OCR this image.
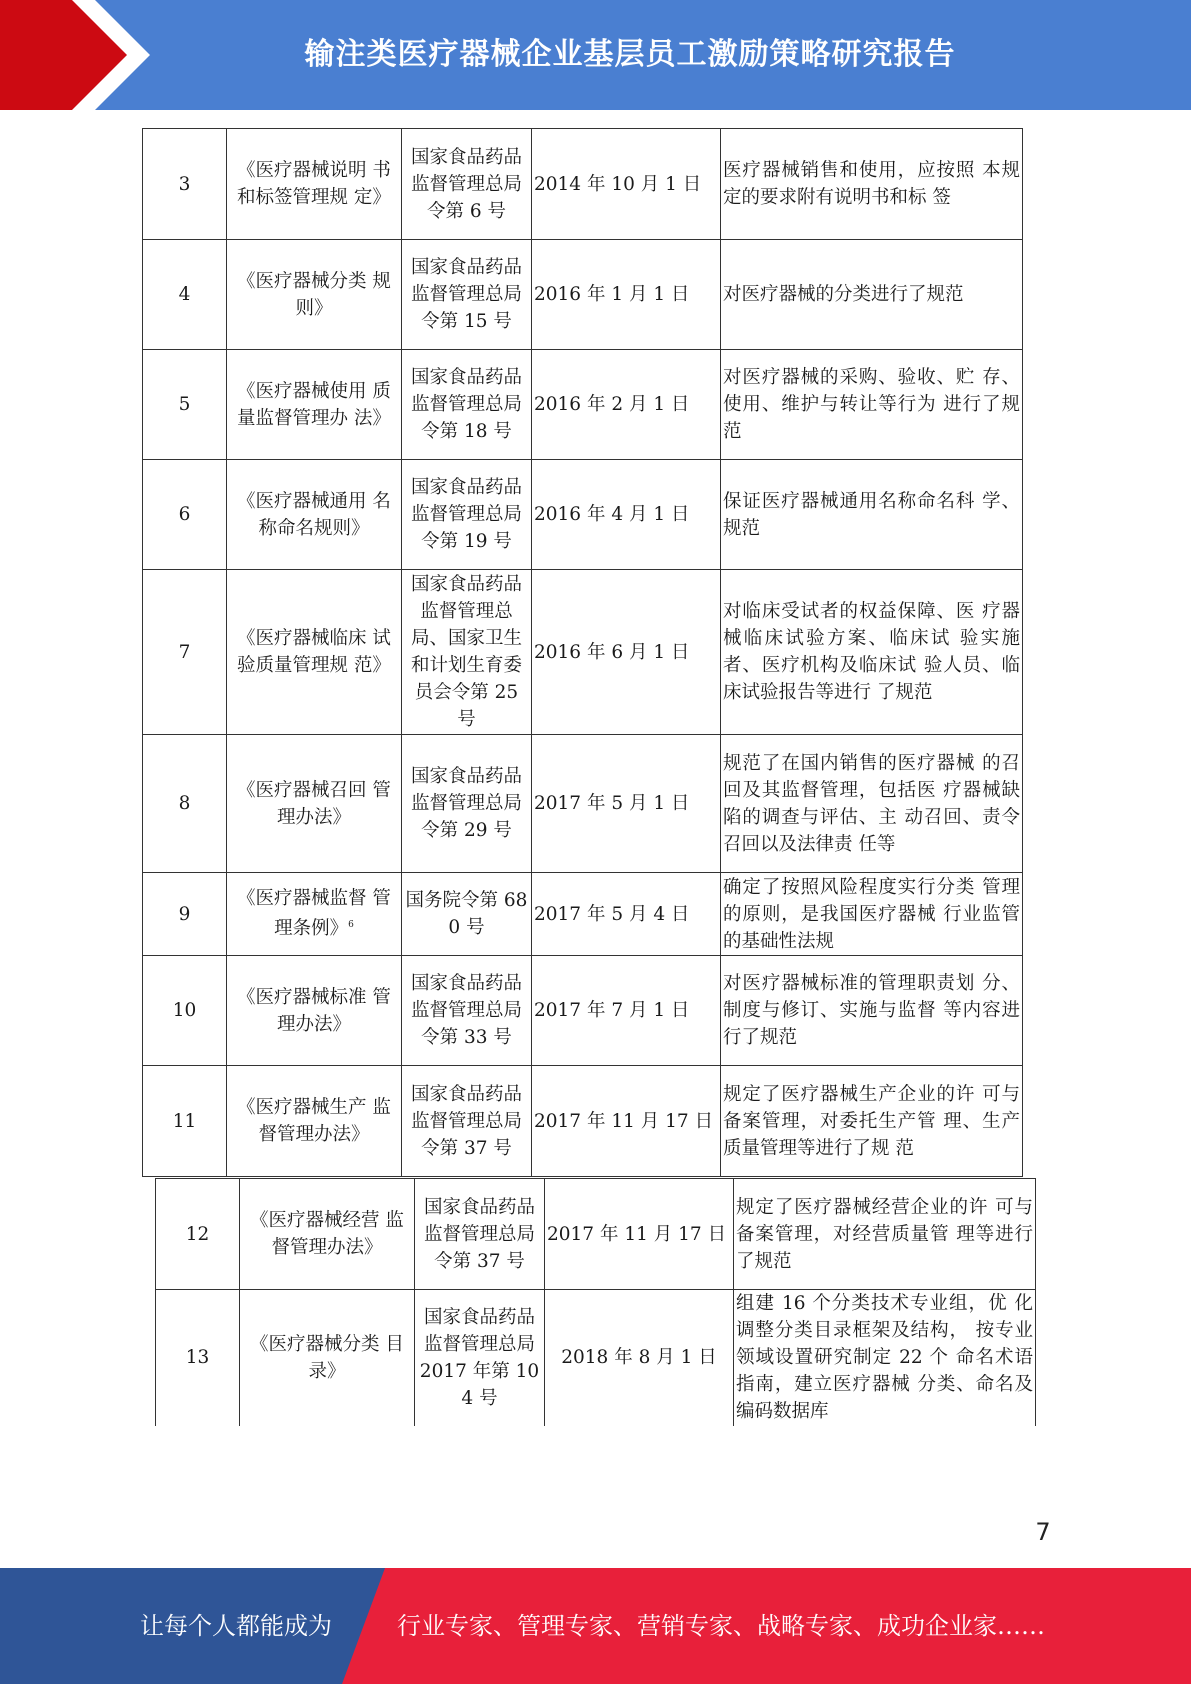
输注类医疗器械企业基层员工激励策略研究报告
3	《医疗器械说明 书和标签管理规 定》	国家食品药品监督管理总局令第 6 号	2014 年 10 月 1 日	医疗器械销售和使用，应按照 本规定的要求附有说明书和标 签
4	《医疗器械分类 规则》	国家食品药品监督管理总局令第 15 号	2016 年 1 月 1 日	对医疗器械的分类进行了规范
5	《医疗器械使用 质量监督管理办 法》	国家食品药品监督管理总局令第 18 号	2016 年 2 月 1 日	对医疗器械的采购、验收、贮 存、使用、维护与转让等行为 进行了规范
6	《医疗器械通用 名称命名规则》	国家食品药品监督管理总局令第 19 号	2016 年 4 月 1 日	保证医疗器械通用名称命名科 学、规范
7	《医疗器械临床 试验质量管理规 范》	国家食品药品监督管理总局、国家卫生和计划生育委员会令第 25 号	2016 年 6 月 1 日	对临床受试者的权益保障、医 疗器械临床试验方案、临床试 验实施者、医疗机构及临床试 验人员、临床试验报告等进行 了规范
8	《医疗器械召回 管理办法》	国家食品药品监督管理总局令第 29 号	2017 年 5 月 1 日	规范了在国内销售的医疗器械 的召回及其监督管理，包括医 疗器械缺陷的调查与评估、主 动召回、责令召回以及法律责 任等
9	《医疗器械监督 管理条例》$^6$	国务院令第 680 号	2017 年 5 月 4 日	确定了按照风险程度实行分类 管理的原则，是我国医疗器械 行业监管的基础性法规
10	《医疗器械标准 管理办法》	国家食品药品监督管理总局令第 33 号	2017 年 7 月 1 日	对医疗器械标准的管理职责划 分、制度与修订、实施与监督 等内容进行了规范
11	《医疗器械生产 监督管理办法》	国家食品药品监督管理总局令第 37 号	2017 年 11 月 17 日	规定了医疗器械生产企业的许 可与备案管理，对委托生产管 理、生产质量管理等进行了规 范
12	《医疗器械经营 监督管理办法》	国家食品药品监督管理总局令第 37 号	2017 年 11 月 17 日	规定了医疗器械经营企业的许 可与备案管理，对经营质量管 理等进行了规范
13	《医疗器械分类 目录》	国家食品药品监督管理总局 2017 年第 104 号	2018 年 8 月 1 日	组建 16 个分类技术专业组，优 化调整分类目录框架及结构， 按专业领域设置研究制定 22 个 命名术语指南，建立医疗器械 分类、命名及编码数据库
7
让每个人都能成为	行业专家、管理专家、营销专家、战略专家、成功企业家……
